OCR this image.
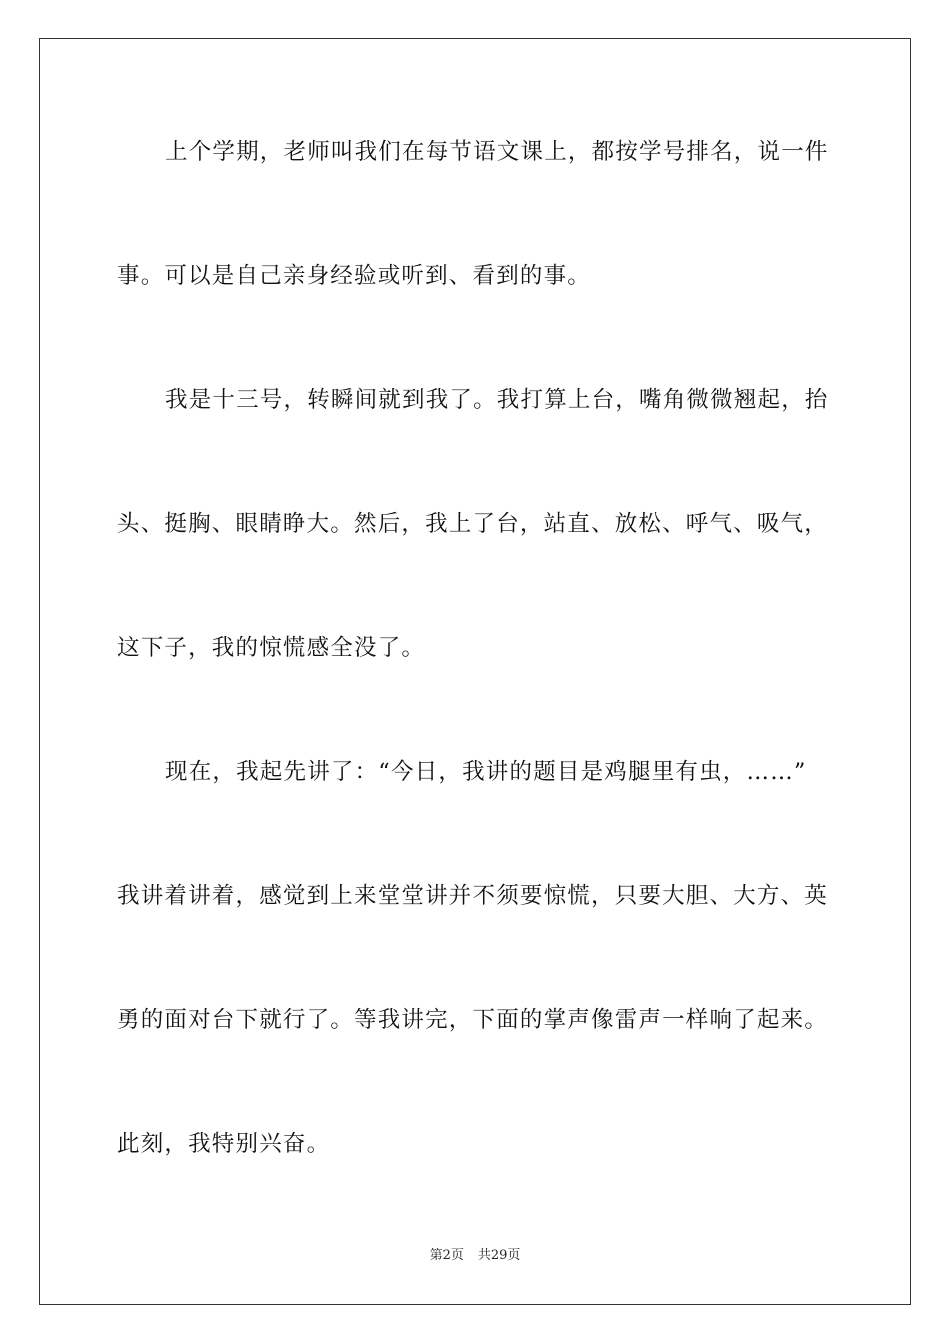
上个学期，老师叫我们在每节语文课上，都按学号排名，说一件
事。可以是自己亲身经验或听到、看到的事。
我是十三号，转瞬间就到我了。我打算上台，嘴角微微翘起，抬
头、挺胸、眼睛睁大。然后，我上了台，站直、放松、呼气、吸气，
这下子，我的惊慌感全没了。
现在，我起先讲了：“今日，我讲的题目是鸡腿里有虫，……”
我讲着讲着，感觉到上来堂堂讲并不须要惊慌，只要大胆、大方、英
勇的面对台下就行了。等我讲完，下面的掌声像雷声一样响了起来。
此刻，我特别兴奋。
第2页 共29页
